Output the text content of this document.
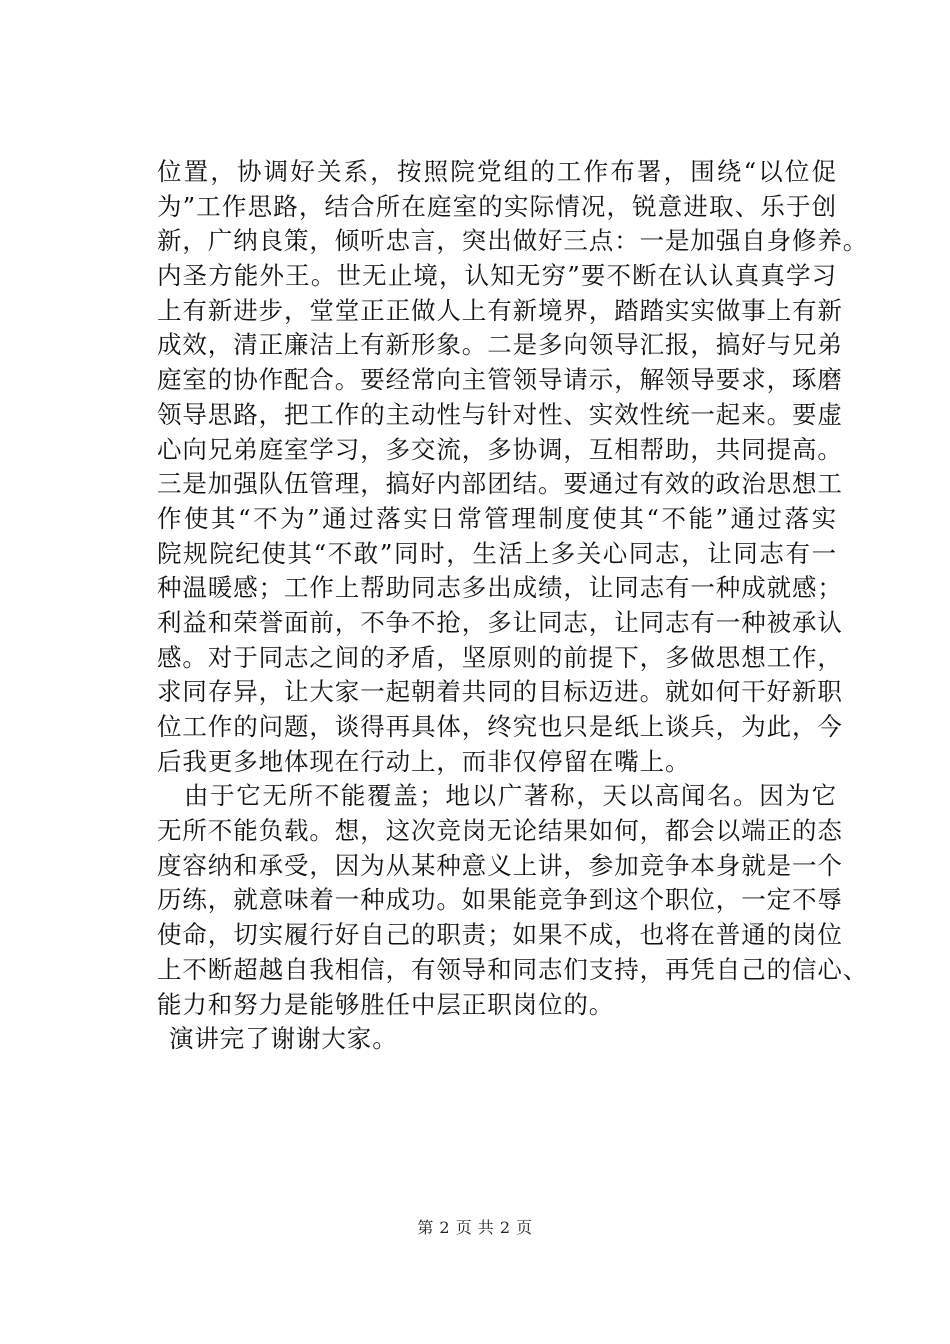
位置，协调好关系，按照院党组的工作布署，围绕“以位促
为”工作思路，结合所在庭室的实际情况，锐意进取、乐于创
新，广纳良策，倾听忠言，突出做好三点：一是加强自身修养。
内圣方能外王。世无止境，认知无穷”要不断在认认真真学习
上有新进步，堂堂正正做人上有新境界，踏踏实实做事上有新
成效，清正廉洁上有新形象。二是多向领导汇报，搞好与兄弟
庭室的协作配合。要经常向主管领导请示，解领导要求，琢磨
领导思路，把工作的主动性与针对性、实效性统一起来。要虚
心向兄弟庭室学习，多交流，多协调，互相帮助，共同提高。
三是加强队伍管理，搞好内部团结。要通过有效的政治思想工
作使其“不为”通过落实日常管理制度使其“不能”通过落实
院规院纪使其“不敢”同时，生活上多关心同志，让同志有一
种温暖感；工作上帮助同志多出成绩，让同志有一种成就感；
利益和荣誉面前，不争不抢，多让同志，让同志有一种被承认
感。对于同志之间的矛盾，坚原则的前提下，多做思想工作，
求同存异，让大家一起朝着共同的目标迈进。就如何干好新职
位工作的问题，谈得再具体，终究也只是纸上谈兵，为此，今
后我更多地体现在行动上，而非仅停留在嘴上。
由于它无所不能覆盖；地以广著称，天以高闻名。因为它
无所不能负载。想，这次竞岗无论结果如何，都会以端正的态
度容纳和承受，因为从某种意义上讲，参加竞争本身就是一个
历练，就意味着一种成功。如果能竞争到这个职位，一定不辱
使命，切实履行好自己的职责；如果不成，也将在普通的岗位
上不断超越自我相信，有领导和同志们支持，再凭自己的信心、
能力和努力是能够胜任中层正职岗位的。
演讲完了谢谢大家。
第 2 页 共 2 页
